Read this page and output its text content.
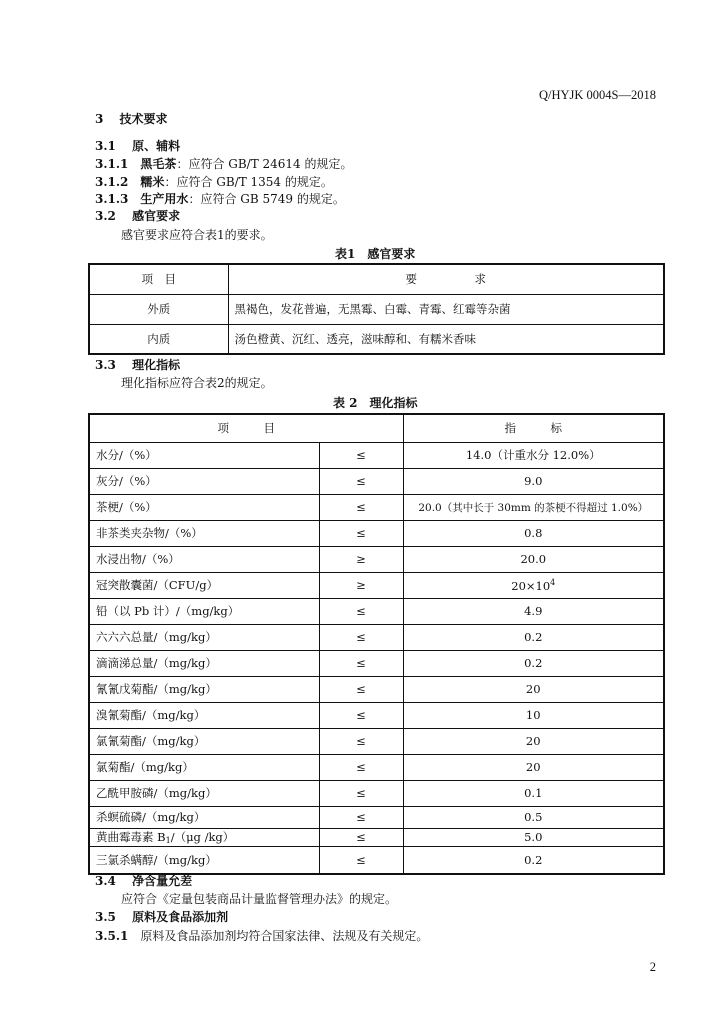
Q/HYJK 0004S—2018
3　 技术要求
3.1　 原、辅料
3.1.1　 黑毛茶：应符合 GB/T 24614 的规定。
3.1.2　 糯米：应符合 GB/T 1354 的规定。
3.1.3　 生产用水：应符合 GB 5749 的规定。
3.2　 感官要求
感官要求应符合表1的要求。
表1　感官要求
项　目	要　　　　　求
外质	黑褐色，发花普遍，无黑霉、白霉、青霉、红霉等杂菌
内质	汤色橙黄、沉红、透亮，滋味醇和、有糯米香味
3.3　 理化指标
理化指标应符合表2的规定。
表 2　理化指标
项　　　目		指　　　标
水分/（%）	≤	14.0（计重水分 12.0%）
灰分/（%）	≤	9.0
茶梗/（%）	≤	20.0（其中长于 30mm 的茶梗不得超过 1.0%）
非茶类夹杂物/（%）	≤	0.8
水浸出物/（%）	≥	20.0
冠突散囊菌/（CFU/g）	≥	$20\times 10^4$
铅（以 Pb 计）/（mg/kg）	≤	4.9
六六六总量/（mg/kg）	≤	0.2
滴滴涕总量/（mg/kg）	≤	0.2
氰氰戊菊酯/（mg/kg）	≤	20
溴氰菊酯/（mg/kg）	≤	10
氯氰菊酯/（mg/kg）	≤	20
氯菊酯/（mg/kg）	≤	20
乙酰甲胺磷/（mg/kg）	≤	0.1
杀螟硫磷/（mg/kg）	≤	0.5
黄曲霉毒素 $B_1/(\mu g$ /kg）	≤	5.0
三氯杀螨醇/（mg/kg）	≤	0.2
3.4　 净含量允差
应符合《定量包装商品计量监督管理办法》的规定。
3.5　 原料及食品添加剂
3.5.1　 原料及食品添加剂均符合国家法律、法规及有关规定。
2
